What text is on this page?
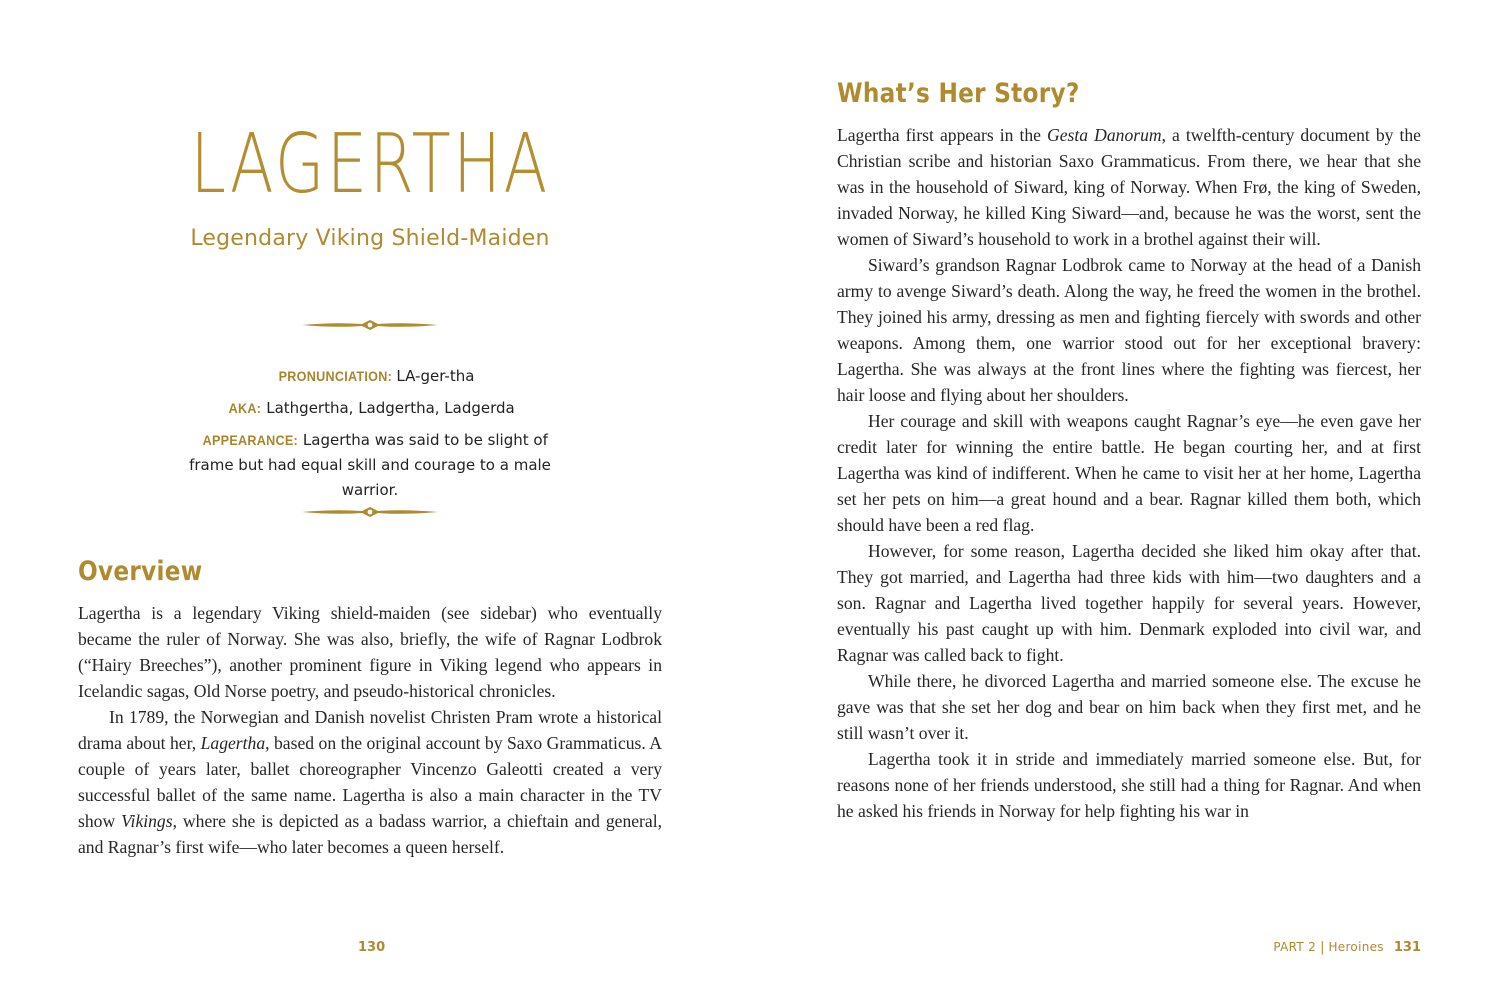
LAGERTHA
Legendary Viking Shield-Maiden
PRONUNCIATION: LA-ger-tha
AKA: Lathgertha, Ladgertha, Ladgerda
APPEARANCE: Lagertha was said to be slight of frame but had equal skill and courage to a male warrior.
Overview

Lagertha is a legendary Viking shield-maiden (see sidebar) who eventually became the ruler of Norway. She was also, briefly, the wife of Ragnar Lodbrok (“Hairy Breeches”), another prominent figure in Viking legend who appears in Icelandic sagas, Old Norse poetry, and pseudo-historical chronicles.

In 1789, the Norwegian and Danish novelist Christen Pram wrote a historical drama about her, Lagertha, based on the original account by Saxo Grammaticus. A couple of years later, ballet choreographer Vincenzo Galeotti created a very successful ballet of the same name. Lagertha is also a main character in the TV show Vikings, where she is depicted as a badass warrior, a chieftain and general, and Ragnar’s first wife—who later becomes a queen herself.

130
What’s Her Story?

Lagertha first appears in the Gesta Danorum, a twelfth-century document by the Christian scribe and historian Saxo Grammaticus. From there, we hear that she was in the household of Siward, king of Norway. When Frø, the king of Sweden, invaded Norway, he killed King Siward—and, because he was the worst, sent the women of Siward’s household to work in a brothel against their will.

Siward’s grandson Ragnar Lodbrok came to Norway at the head of a Danish army to avenge Siward’s death. Along the way, he freed the women in the brothel. They joined his army, dressing as men and fighting fiercely with swords and other weapons. Among them, one warrior stood out for her exceptional bravery: Lagertha. She was always at the front lines where the fighting was fiercest, her hair loose and flying about her shoulders.

Her courage and skill with weapons caught Ragnar’s eye—he even gave her credit later for winning the entire battle. He began courting her, and at first Lagertha was kind of indifferent. When he came to visit her at her home, Lagertha set her pets on him—a great hound and a bear. Ragnar killed them both, which should have been a red flag.

However, for some reason, Lagertha decided she liked him okay after that. They got married, and Lagertha had three kids with him—two daughters and a son. Ragnar and Lagertha lived together happily for several years. However, eventually his past caught up with him. Denmark exploded into civil war, and Ragnar was called back to fight.

While there, he divorced Lagertha and married someone else. The excuse he gave was that she set her dog and bear on him back when they first met, and he still wasn’t over it.

Lagertha took it in stride and immediately married someone else. But, for reasons none of her friends understood, she still had a thing for Ragnar. And when he asked his friends in Norway for help fighting his war in

PART 2 | Heroines 131
